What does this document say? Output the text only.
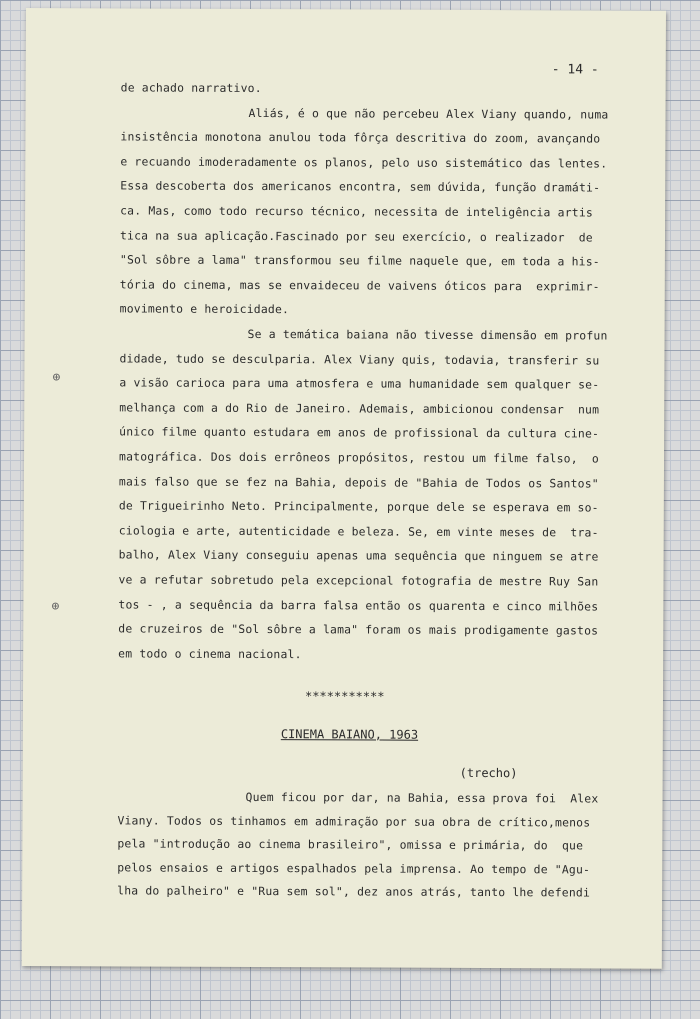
- 14 -
de achado narrativo.
Aliás, é o que não percebeu Alex Viany quando, numa
insistência monotona anulou toda fôrça descritiva do zoom, avançando
e recuando imoderadamente os planos, pelo uso sistemático das lentes.
Essa descoberta dos americanos encontra, sem dúvida, função dramáti-
ca. Mas, como todo recurso técnico, necessita de inteligência artis
tica na sua aplicação.Fascinado por seu exercício, o realizador  de
"Sol sôbre a lama" transformou seu filme naquele que, em toda a his-
tória do cinema, mas se envaideceu de vaivens óticos para  exprimir-
movimento e heroicidade.
Se a temática baiana não tivesse dimensão em profun
didade, tudo se desculparia. Alex Viany quis, todavia, transferir su
a visão carioca para uma atmosfera e uma humanidade sem qualquer se-
melhança com a do Rio de Janeiro. Ademais, ambicionou condensar  num
único filme quanto estudara em anos de profissional da cultura cine-
matográfica. Dos dois errôneos propósitos, restou um filme falso,  o
mais falso que se fez na Bahia, depois de "Bahia de Todos os Santos"
de Trigueirinho Neto. Principalmente, porque dele se esperava em so-
ciologia e arte, autenticidade e beleza. Se, em vinte meses de  tra-
balho, Alex Viany conseguiu apenas uma sequência que ninguem se atre
ve a refutar sobretudo pela excepcional fotografia de mestre Ruy San
tos - , a sequência da barra falsa então os quarenta e cinco milhões
de cruzeiros de "Sol sôbre a lama" foram os mais prodigamente gastos
em todo o cinema nacional.
***********
CINEMA BAIANO, 1963
(trecho)
Quem ficou por dar, na Bahia, essa prova foi  Alex
Viany. Todos os tinhamos em admiração por sua obra de crítico,menos
pela "introdução ao cinema brasileiro", omissa e primária, do  que
pelos ensaios e artigos espalhados pela imprensa. Ao tempo de "Agu-
lha do palheiro" e "Rua sem sol", dez anos atrás, tanto lhe defendi
⊕
⊕
